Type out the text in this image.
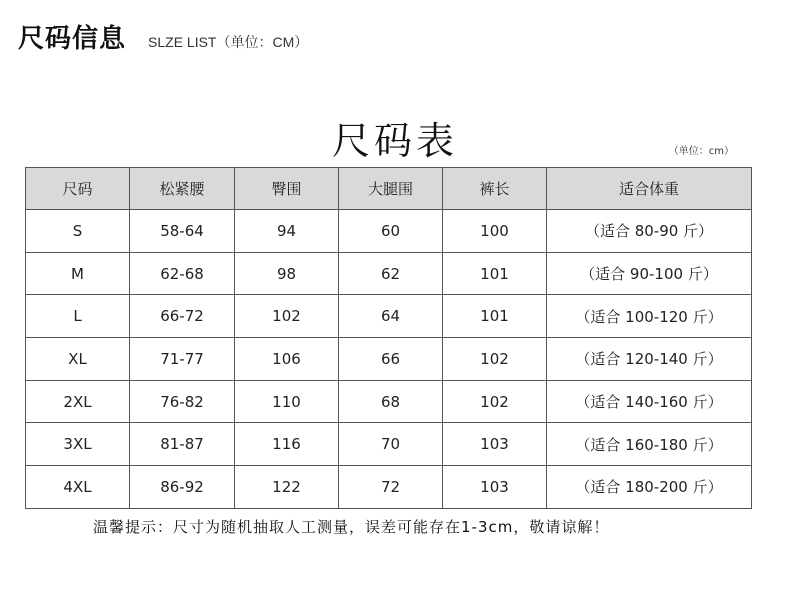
尺码信息 SLZE LIST（单位：CM）
尺码表	（单位：cm）
尺码	松紧腰	臀围	大腿围	裤长	适合体重
S	58-64	94	60	100	（适合 80-90 斤）
M	62-68	98	62	101	（适合 90-100 斤）
L	66-72	102	64	101	（适合 100-120 斤）
XL	71-77	106	66	102	（适合 120-140 斤）
2XL	76-82	110	68	102	（适合 140-160 斤）
3XL	81-87	116	70	103	（适合 160-180 斤）
4XL	86-92	122	72	103	（适合 180-200 斤）
温馨提示：尺寸为随机抽取人工测量，误差可能存在1-3cm，敬请谅解！
